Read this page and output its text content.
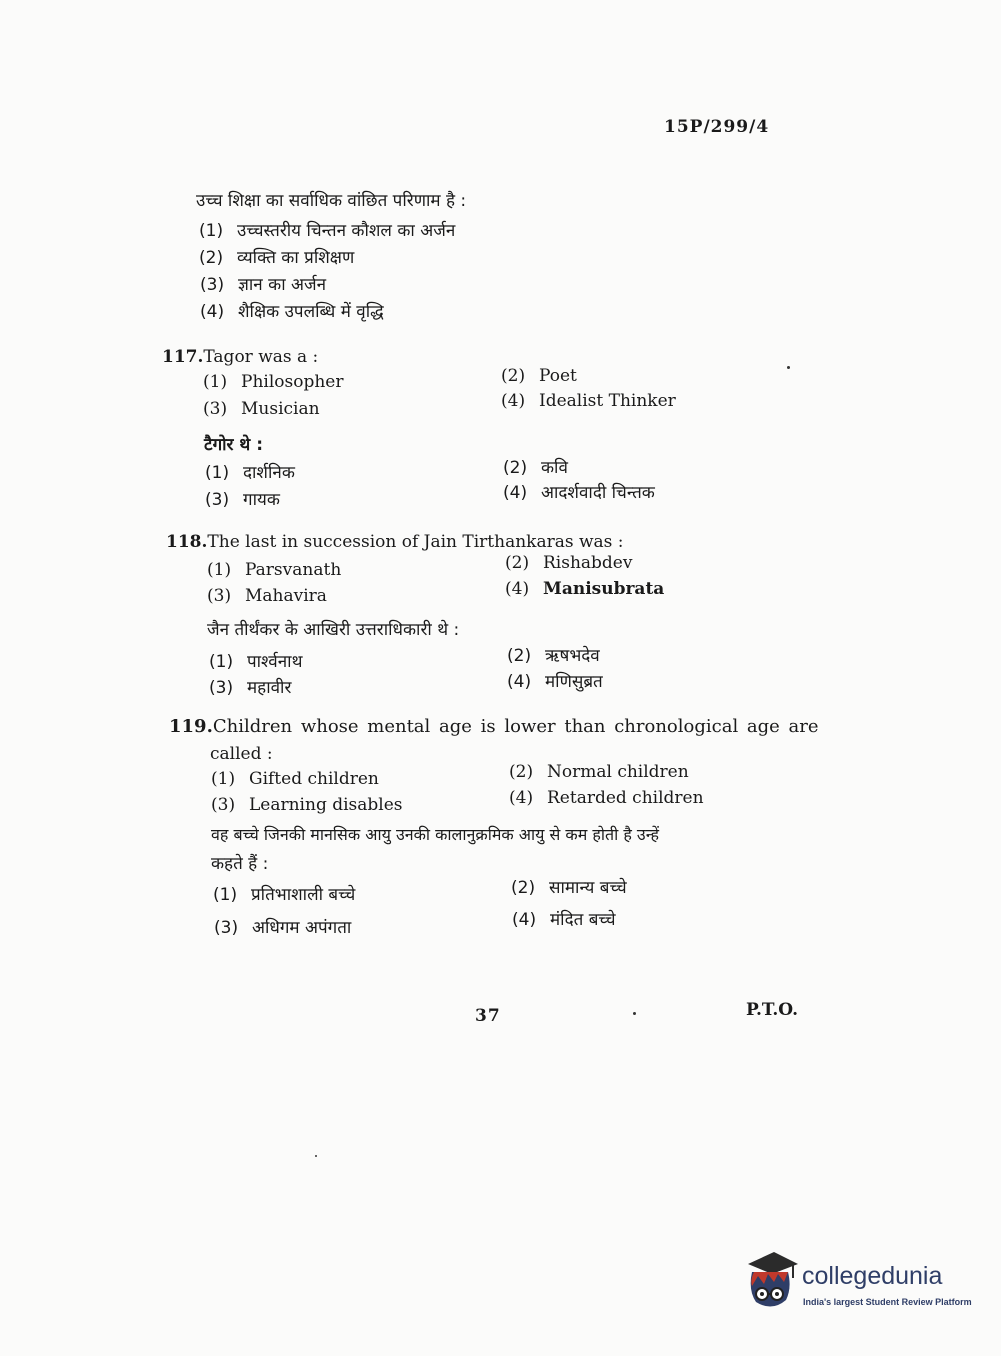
15P/299/4
उच्च शिक्षा का सर्वाधिक वांछित परिणाम है :
(1) उच्चस्तरीय चिन्तन कौशल का अर्जन
(2) व्यक्ति का प्रशिक्षण
(3) ज्ञान का अर्जन
(4) शैक्षिक उपलब्धि में वृद्धि
117.Tagor was a :
(1) Philosopher	(2) Poet
(3) Musician	(4) Idealist Thinker
टैगोर थे :
(1) दार्शनिक	(2) कवि
(3) गायक	(4) आदर्शवादी चिन्तक
118.The last in succession of Jain Tirthankaras was :
(1) Parsvanath	(2) Rishabdev
(3) Mahavira	(4) Manisubrata
जैन तीर्थंकर के आखिरी उत्तराधिकारी थे :
(1) पार्श्वनाथ	(2) ऋषभदेव
(3) महावीर	(4) मणिसुब्रत
119.Children whose mental age is lower than chronological age are
called :
(1) Gifted children	(2) Normal children
(3) Learning disables	(4) Retarded children
वह बच्चे जिनकी मानसिक आयु उनकी कालानुक्रमिक आयु से कम होती है उन्हें
कहते हैं :
(1) प्रतिभाशाली बच्चे	(2) सामान्य बच्चे
(3) अधिगम अपंगता	(4) मंदित बच्चे
37	P.T.O.
collegedunia
India's largest Student Review Platform
